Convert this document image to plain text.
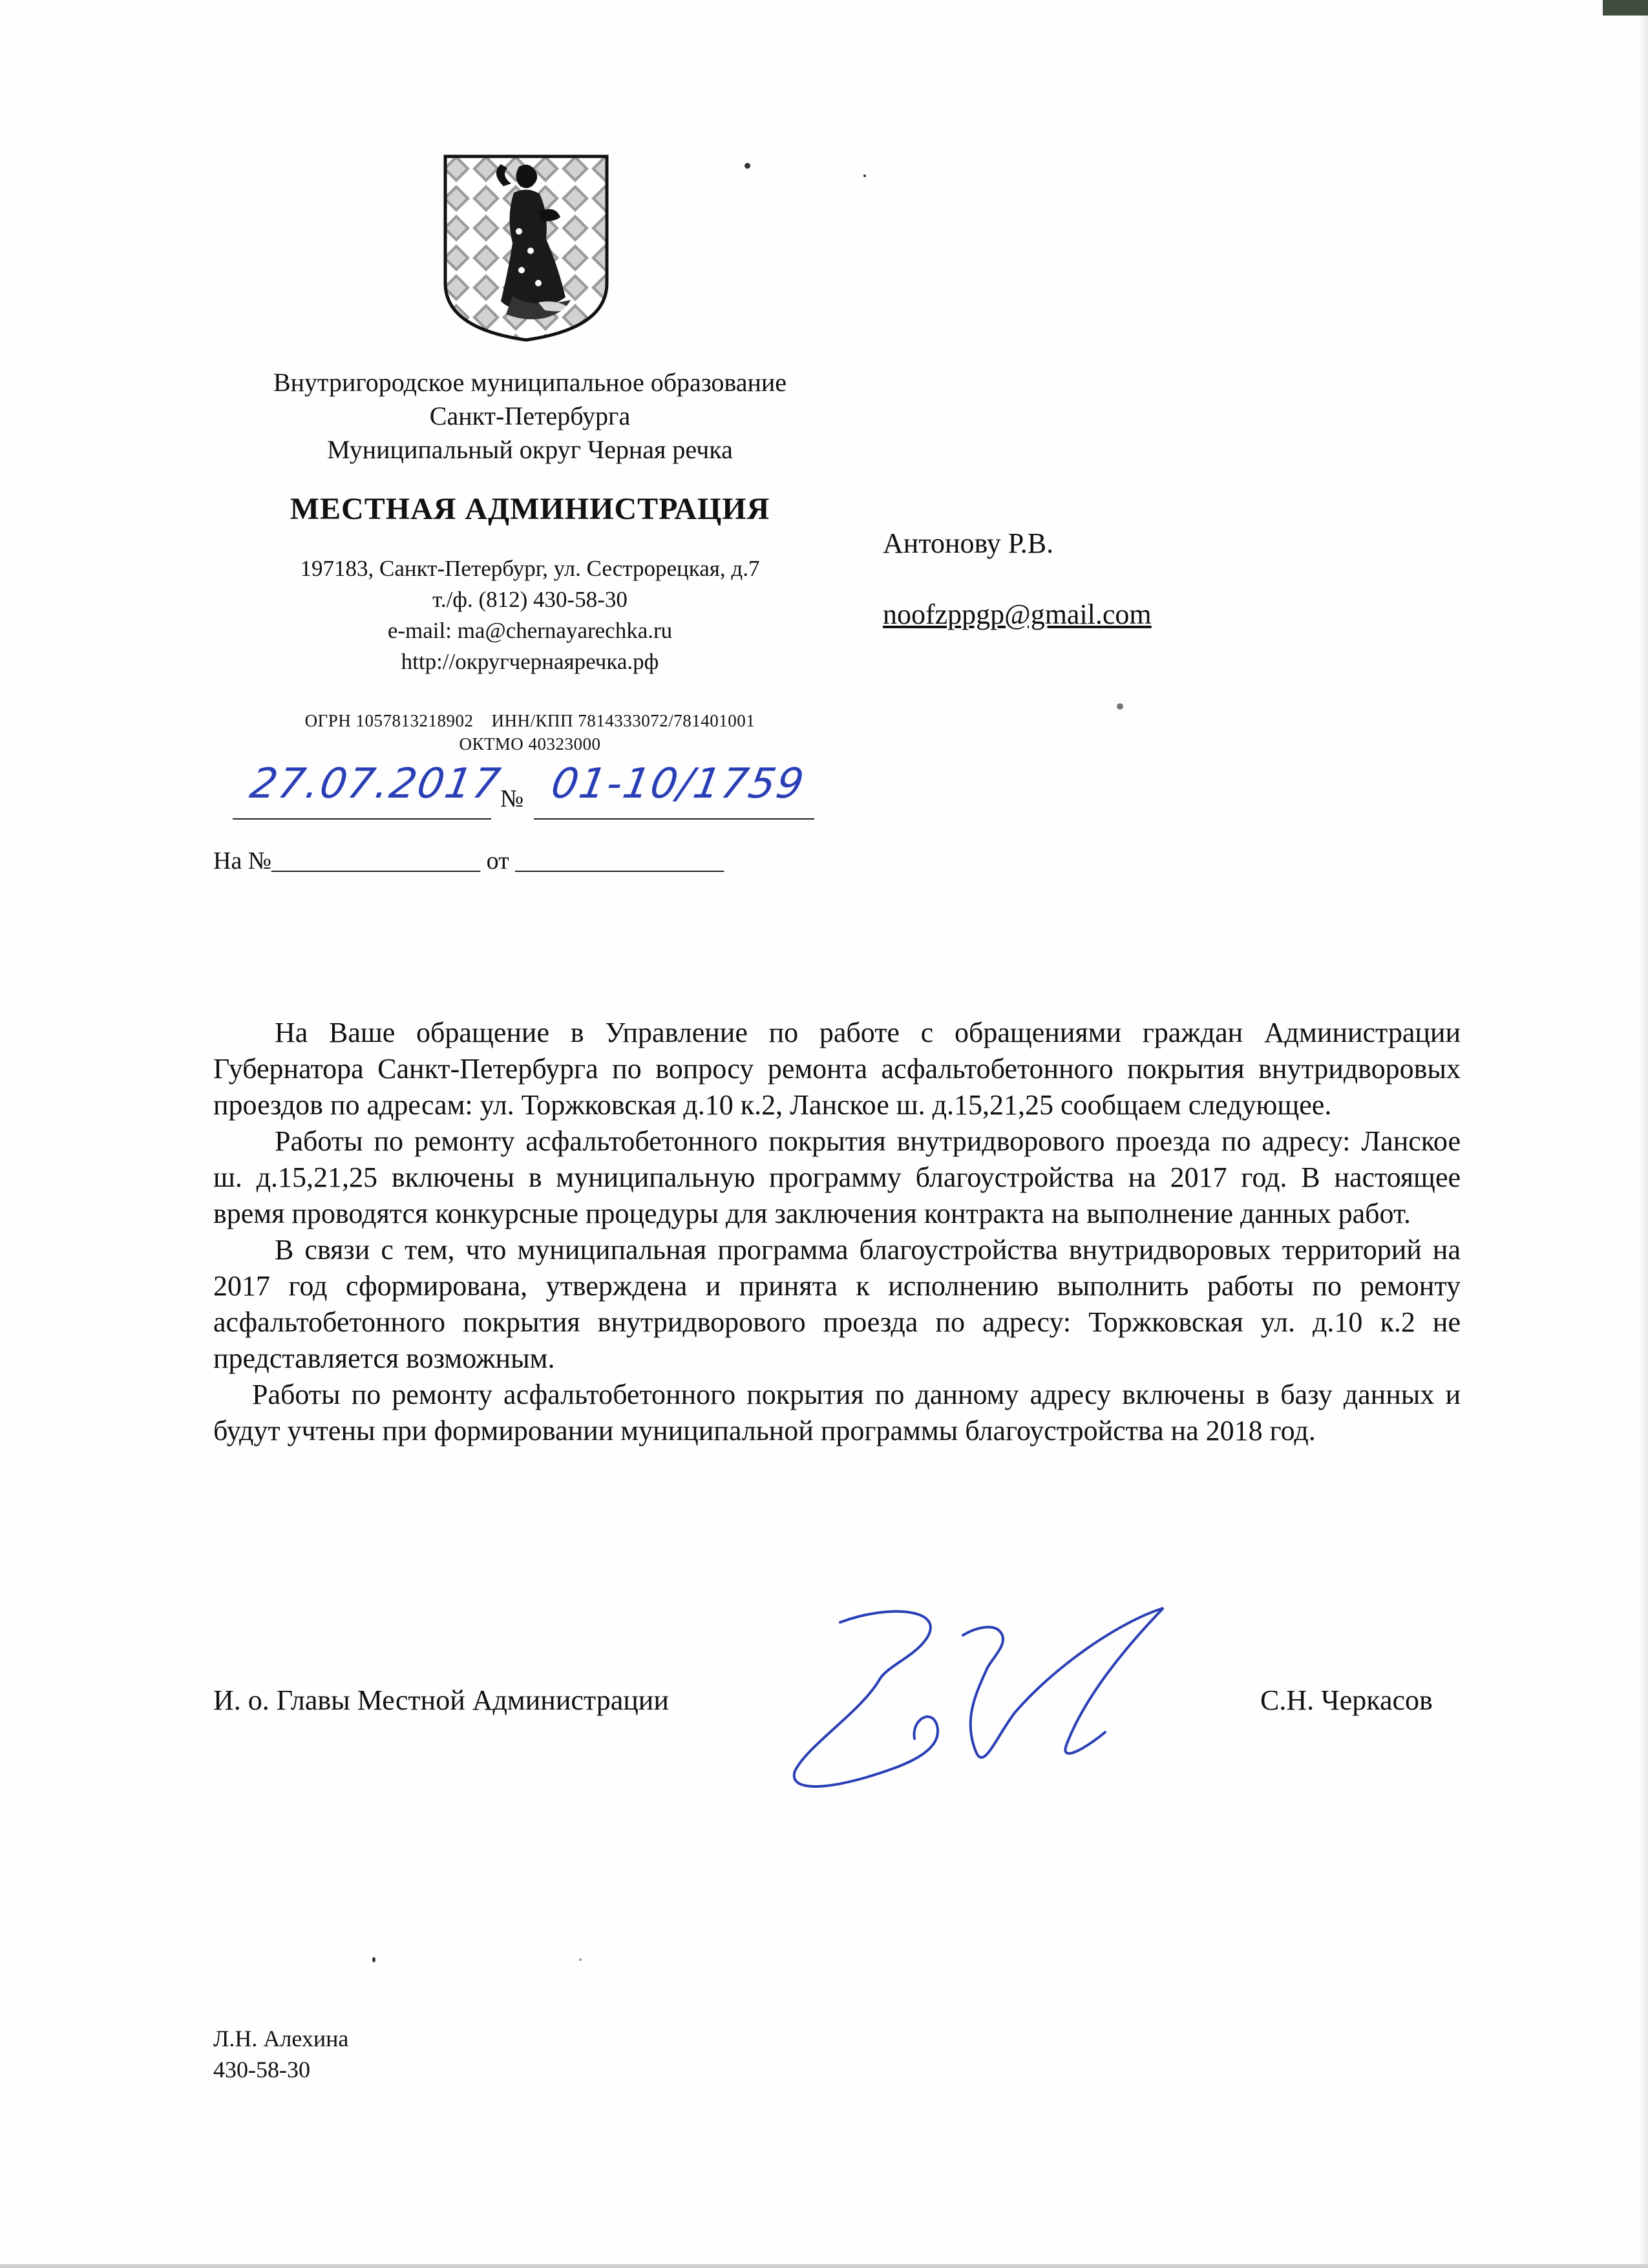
Внутригородское муниципальное образование
Санкт-Петербурга
Муниципальный округ Черная речка
МЕСТНАЯ АДМИНИСТРАЦИЯ
197183, Санкт-Петербург, ул. Сестрорецкая, д.7
т./ф. (812) 430-58-30
e-mail: ma@chernayarechka.ru
http://округчернаяречка.рф
ОГРН 1057813218902 ИНН/КПП 7814333072/781401001
ОКТМО 40323000
27.07.2017
№ 01-10/1759
На №_________________ от _________________
Антонову Р.В.
noofzppgp@gmail.com

На Ваше обращение в Управление по работе с обращениями граждан Администрации Губернатора Санкт-Петербурга по вопросу ремонта асфальтобетонного покрытия внутридворовых проездов по адресам: ул. Торжковская д.10 к.2, Ланское ш. д.15,21,25 сообщаем следующее.

Работы по ремонту асфальтобетонного покрытия внутридворового проезда по адресу: Ланское ш. д.15,21,25 включены в муниципальную программу благоустройства на 2017 год. В настоящее время проводятся конкурсные процедуры для заключения контракта на выполнение данных работ.

В связи с тем, что муниципальная программа благоустройства внутридворовых территорий на 2017 год сформирована, утверждена и принята к исполнению выполнить работы по ремонту асфальтобетонного покрытия внутридворового проезда по адресу: Торжковская ул. д.10 к.2 не представляется возможным.

Работы по ремонту асфальтобетонного покрытия по данному адресу включены в базу данных и будут учтены при формировании муниципальной программы благоустройства на 2018 год.

И. о. Главы Местной Администрации	С.Н. Черкасов
Л.Н. Алехина
430-58-30
